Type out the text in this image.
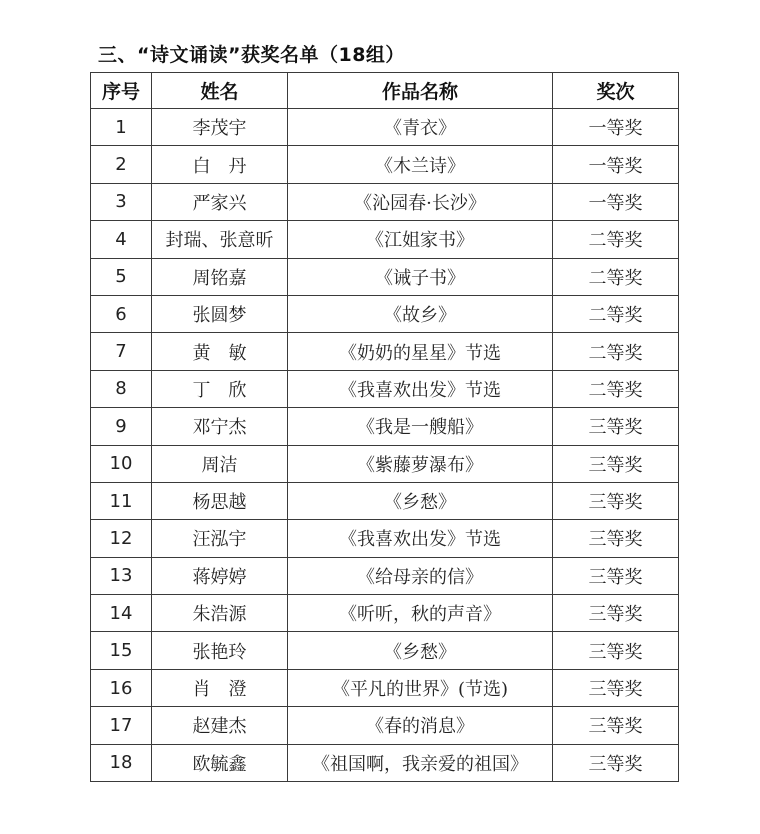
三、“诗文诵读”获奖名单（18组）
序号	姓名	作品名称	奖次
1	李茂宇	《青衣》	一等奖
2	白　丹	《木兰诗》	一等奖
3	严家兴	《沁园春·长沙》	一等奖
4	封瑞、张意昕	《江姐家书》	二等奖
5	周铭嘉	《诫子书》	二等奖
6	张圆梦	《故乡》	二等奖
7	黄　敏	《奶奶的星星》节选	二等奖
8	丁　欣	《我喜欢出发》节选	二等奖
9	邓宁杰	《我是一艘船》	三等奖
10	周洁	《紫藤萝瀑布》	三等奖
11	杨思越	《乡愁》	三等奖
12	汪泓宇	《我喜欢出发》节选	三等奖
13	蒋婷婷	《给母亲的信》	三等奖
14	朱浩源	《听听，秋的声音》	三等奖
15	张艳玲	《乡愁》	三等奖
16	肖　澄	《平凡的世界》(节选)	三等奖
17	赵建杰	《春的消息》	三等奖
18	欧毓鑫	《祖国啊，我亲爱的祖国》	三等奖
